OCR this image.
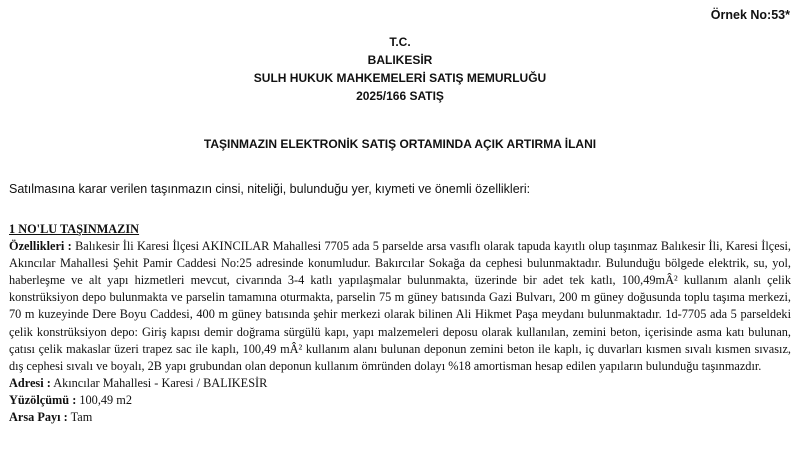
Örnek No:53*
T.C.
BALIKESİR
SULH HUKUK MAHKEMELERİ SATIŞ MEMURLUĞU
2025/166 SATIŞ
TAŞINMAZIN ELEKTRONİK SATIŞ ORTAMINDA AÇIK ARTIRMA İLANI
Satılmasına karar verilen taşınmazın cinsi, niteliği, bulunduğu yer, kıymeti ve önemli özellikleri:
1 NO'LU TAŞINMAZIN
Özellikleri : Balıkesir İli Karesi İlçesi AKINCILAR Mahallesi 7705 ada 5 parselde arsa vasıflı olarak tapuda kayıtlı olup taşınmaz Balıkesir İli, Karesi İlçesi, Akıncılar Mahallesi Şehit Pamir Caddesi No:25 adresinde konumludur. Bakırcılar Sokağa da cephesi bulunmaktadır. Bulunduğu bölgede elektrik, su, yol, haberleşme ve alt yapı hizmetleri mevcut, civarında 3-4 katlı yapılaşmalar bulunmakta, üzerinde bir adet tek katlı, 100,49mÂ² kullanım alanlı çelik konstrüksiyon depo bulunmakta ve parselin tamamına oturmakta, parselin 75 m güney batısında Gazi Bulvarı, 200 m güney doğusunda toplu taşıma merkezi, 70 m kuzeyinde Dere Boyu Caddesi, 400 m güney batısında şehir merkezi olarak bilinen Ali Hikmet Paşa meydanı bulunmaktadır. 1d-7705 ada 5 parseldeki çelik konstrüksiyon depo: Giriş kapısı demir doğrama sürgülü kapı, yapı malzemeleri deposu olarak kullanılan, zemini beton, içerisinde asma katı bulunan, çatısı çelik makaslar üzeri trapez sac ile kaplı, 100,49 mÂ² kullanım alanı bulunan deponun zemini beton ile kaplı, iç duvarları kısmen sıvalı kısmen sıvasız, dış cephesi sıvalı ve boyalı, 2B yapı grubundan olan deponun kullanım ömründen dolayı %18 amortisman hesap edilen yapıların bulunduğu taşınmazdır.
Adresi : Akıncılar Mahallesi - Karesi / BALIKESİR
Yüzölçümü : 100,49 m2
Arsa Payı : Tam
